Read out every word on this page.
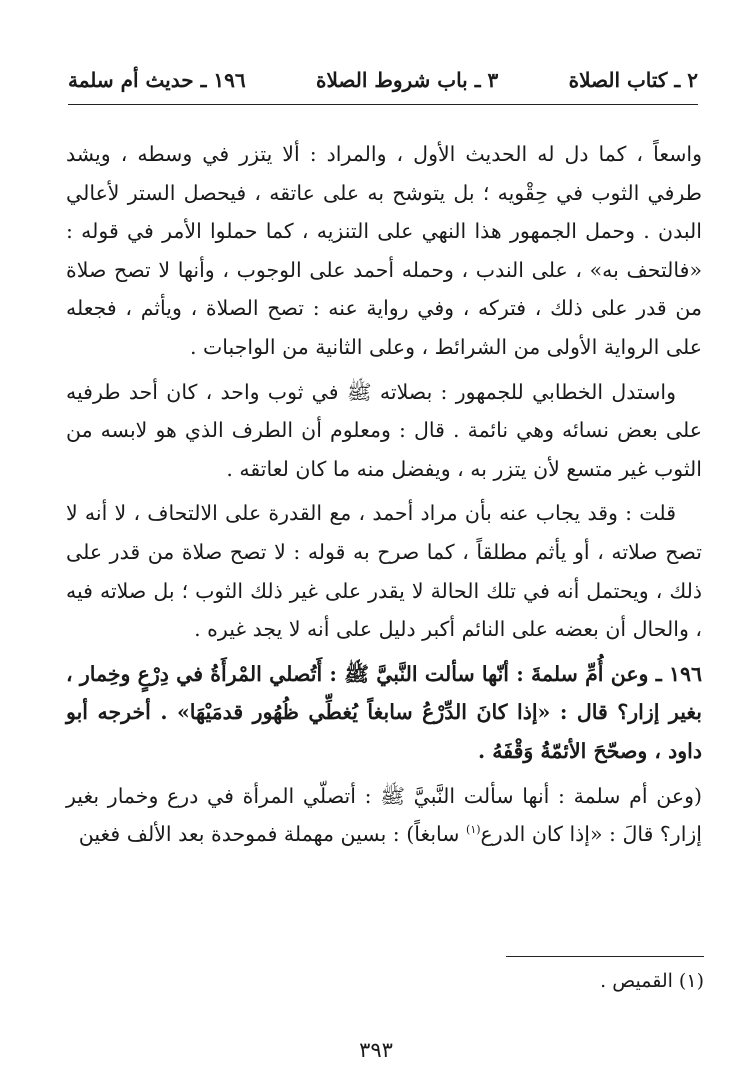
٢ ـ كتاب الصلاة
٣ ـ باب شروط الصلاة
١٩٦ ـ حديث أم سلمة

واسعاً ، كما دل له الحديث الأول ، والمراد : ألا يتزر في وسطه ، ويشد طرفي الثوب في حِقْويه ؛ بل يتوشح به على عاتقه ، فيحصل الستر لأعالي البدن . وحمل الجمهور هذا النهي على التنزيه ، كما حملوا الأمر في قوله : «فالتحف به» ، على الندب ، وحمله أحمد على الوجوب ، وأنها لا تصح صلاة من قدر على ذلك ، فتركه ، وفي رواية عنه : تصح الصلاة ، ويأثم ، فجعله على الرواية الأولى من الشرائط ، وعلى الثانية من الواجبات .

واستدل الخطابي للجمهور : بصلاته ﷺ في ثوب واحد ، كان أحد طرفيه على بعض نسائه وهي نائمة . قال : ومعلوم أن الطرف الذي هو لابسه من الثوب غير متسع لأن يتزر به ، ويفضل منه ما كان لعاتقه .

قلت : وقد يجاب عنه بأن مراد أحمد ، مع القدرة على الالتحاف ، لا أنه لا تصح صلاته ، أو يأثم مطلقاً ، كما صرح به قوله : لا تصح صلاة من قدر على ذلك ، ويحتمل أنه في تلك الحالة لا يقدر على غير ذلك الثوب ؛ بل صلاته فيه ، والحال أن بعضه على النائم أكبر دليل على أنه لا يجد غيره .

١٩٦ ـ وعن أُمِّ سلمةَ : أنّها سألت النَّبيَّ ﷺ : أَتُصلي المْرأَةُ في دِرْعٍ وخِمار ، بغير إزار؟ قال : «إذا كانَ الدِّرْعُ سابغاً يُغطِّي ظُهُور قدمَيْهَا» . أخرجه أبو داود ، وصحّحَ الأئمّةُ وَقْفَهُ .

(وعن أم سلمة : أنها سألت النَّبيَّ ﷺ : أتصلّي المرأة في درع وخمار بغير إزار؟ قالَ : «إذا كان الدرع$^{(١)}$ سابغاً) : بسين مهملة فموحدة بعد الألف فغين

(١) القميص .
٣٩٣
